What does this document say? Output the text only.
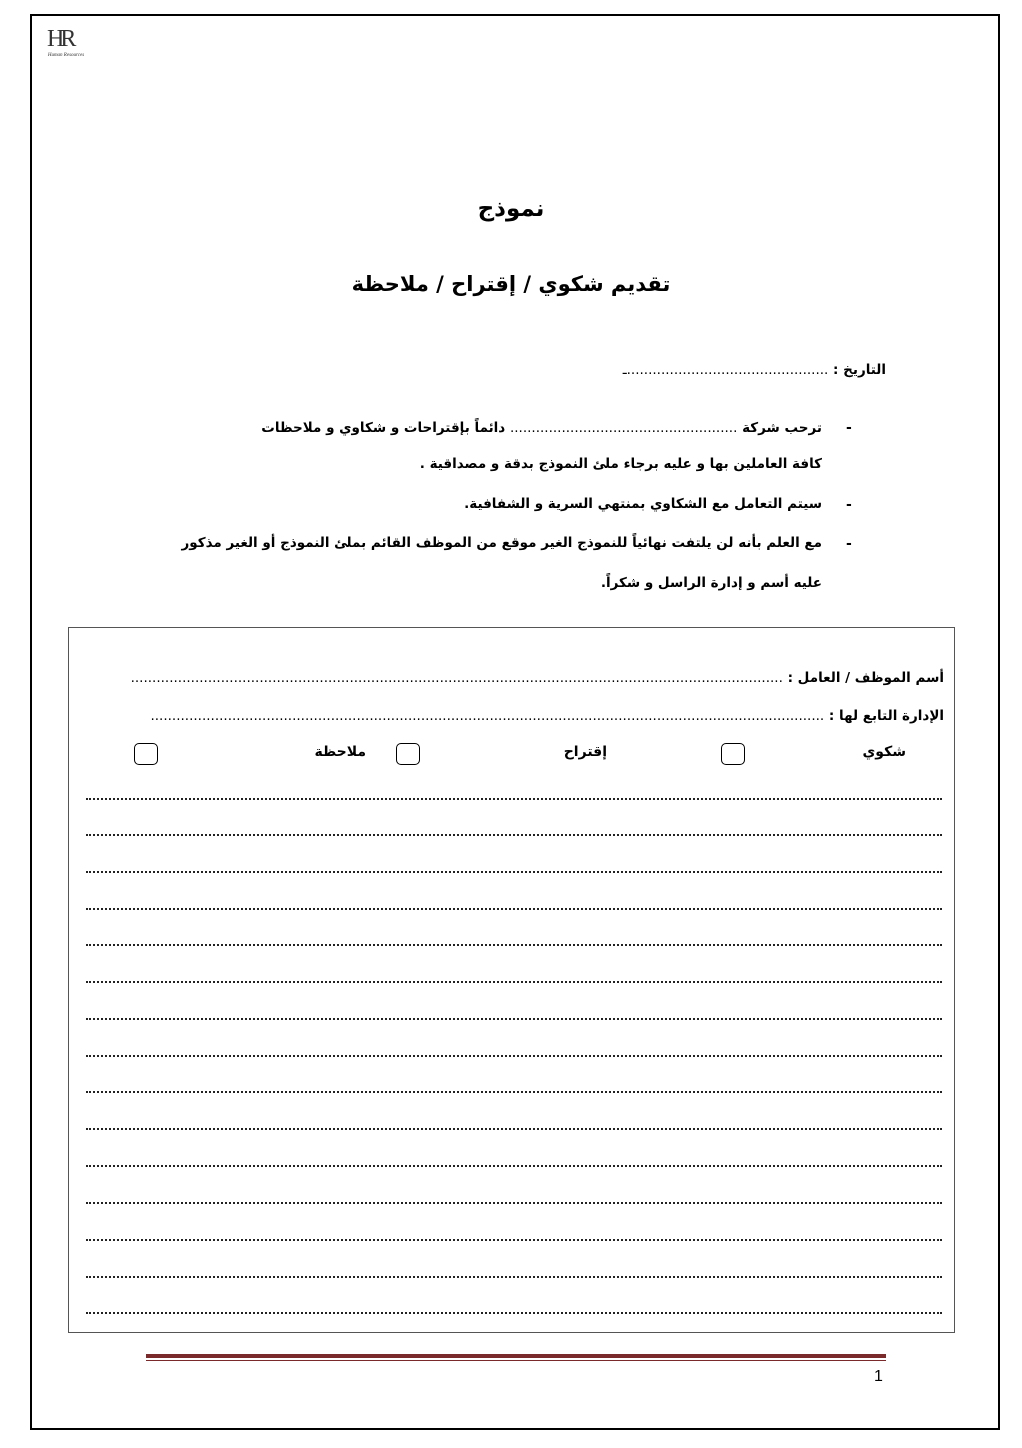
HR
Human Resources
نموذج
تقديم شكوي / إقتراح / ملاحظة
التاريخ : ...............................................ـ
-
ترحب شركة ..................................................... دائماً بإقتراحات و شكاوي و ملاحظات
كافة العاملين بها و عليه برجاء ملئ النموذج بدقة و مصداقية .
-
سيتم التعامل مع الشكاوي بمنتهي السرية و الشفافية.
-
مع العلم بأنه لن يلتفت نهائياً للنموذج الغير موقع من الموظف القائم بملئ النموذج أو الغير مذكور
عليه أسم و إدارة الراسل و شكراً.
أسم الموظف / العامل : ........................................................................................................................................................
الإدارة التابع لها : .............................................................................................................................................................
شكوي
إقتراح
ملاحظة
1
